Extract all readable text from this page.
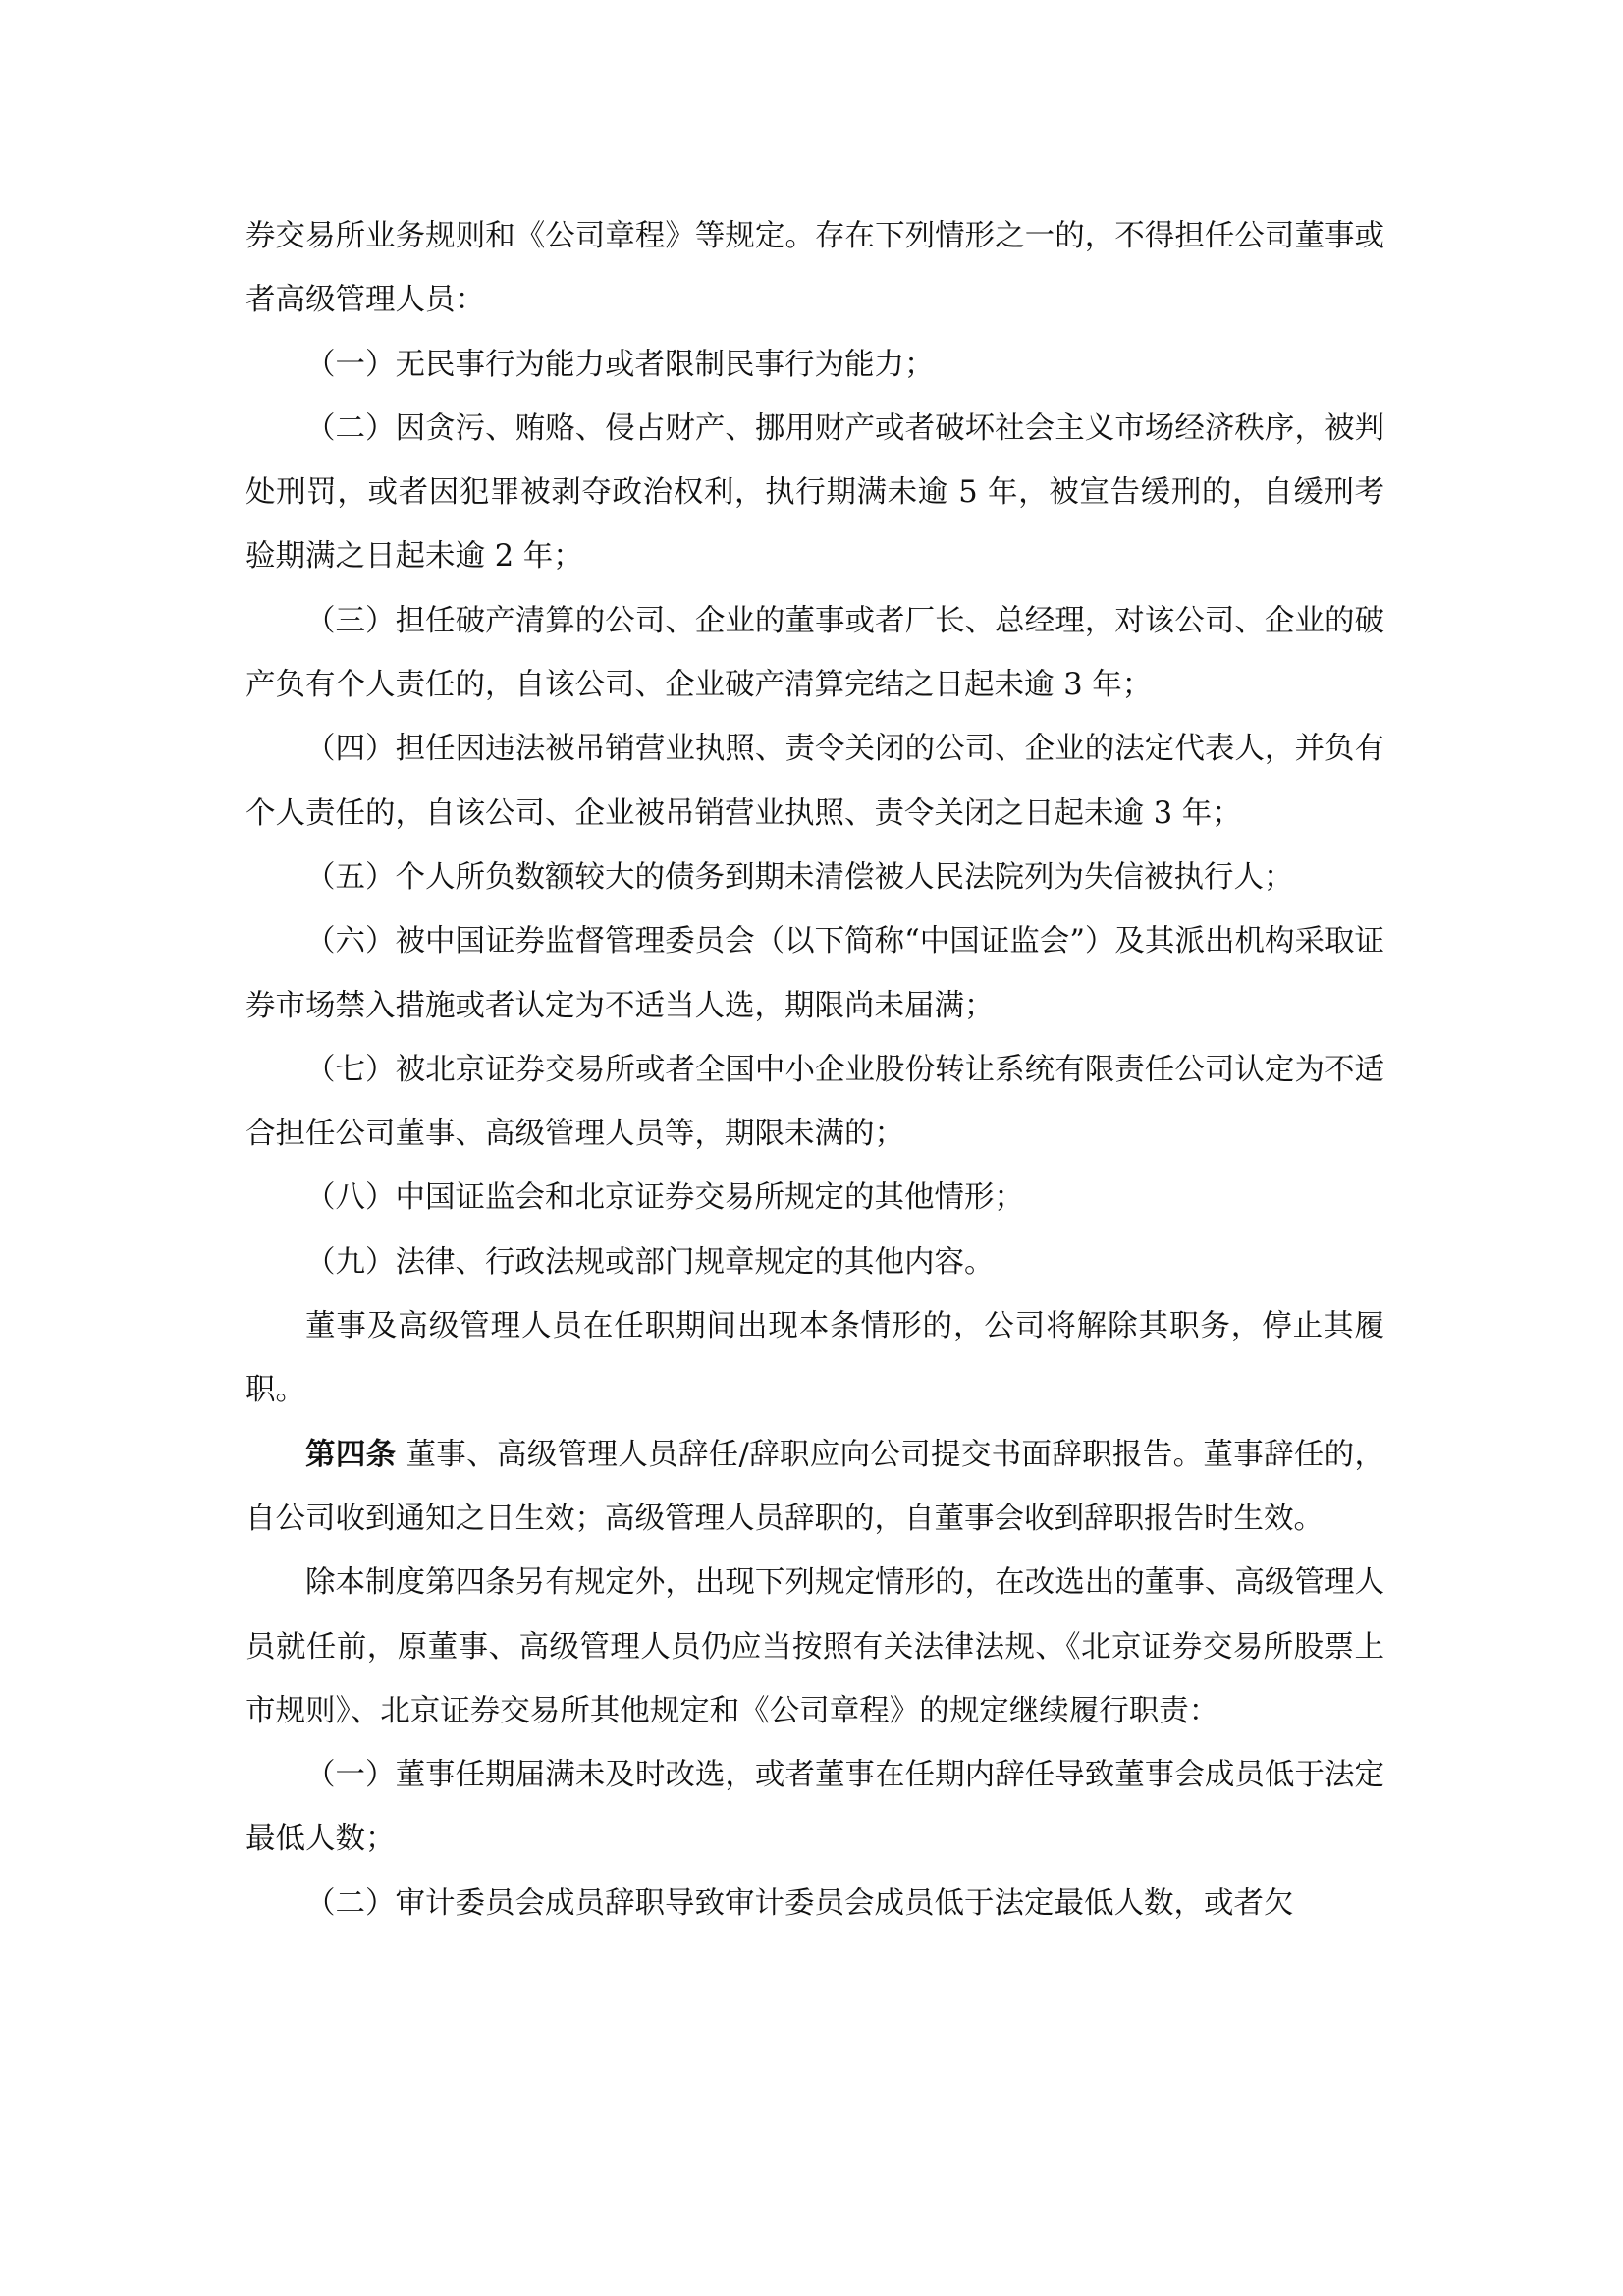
券交易所业务规则和《公司章程》等规定。存在下列情形之一的，不得担任公司董事或者高级管理人员：

（一）无民事行为能力或者限制民事行为能力；

（二）因贪污、贿赂、侵占财产、挪用财产或者破坏社会主义市场经济秩序，被判处刑罚，或者因犯罪被剥夺政治权利，执行期满未逾 5 年，被宣告缓刑的，自缓刑考验期满之日起未逾 2 年；

（三）担任破产清算的公司、企业的董事或者厂长、总经理，对该公司、企业的破产负有个人责任的，自该公司、企业破产清算完结之日起未逾 3 年；

（四）担任因违法被吊销营业执照、责令关闭的公司、企业的法定代表人，并负有个人责任的，自该公司、企业被吊销营业执照、责令关闭之日起未逾 3 年；

（五）个人所负数额较大的债务到期未清偿被人民法院列为失信被执行人；

（六）被中国证券监督管理委员会（以下简称“中国证监会”）及其派出机构采取证券市场禁入措施或者认定为不适当人选，期限尚未届满；

（七）被北京证券交易所或者全国中小企业股份转让系统有限责任公司认定为不适合担任公司董事、高级管理人员等，期限未满的；

（八）中国证监会和北京证券交易所规定的其他情形；

（九）法律、行政法规或部门规章规定的其他内容。

董事及高级管理人员在任职期间出现本条情形的，公司将解除其职务，停止其履职。

第四条 董事、高级管理人员辞任/辞职应向公司提交书面辞职报告。董事辞任的，自公司收到通知之日生效；高级管理人员辞职的，自董事会收到辞职报告时生效。

除本制度第四条另有规定外，出现下列规定情形的，在改选出的董事、高级管理人员就任前，原董事、高级管理人员仍应当按照有关法律法规、《北京证券交易所股票上市规则》、北京证券交易所其他规定和《公司章程》的规定继续履行职责：

（一）董事任期届满未及时改选，或者董事在任期内辞任导致董事会成员低于法定最低人数；

（二）审计委员会成员辞职导致审计委员会成员低于法定最低人数，或者欠
